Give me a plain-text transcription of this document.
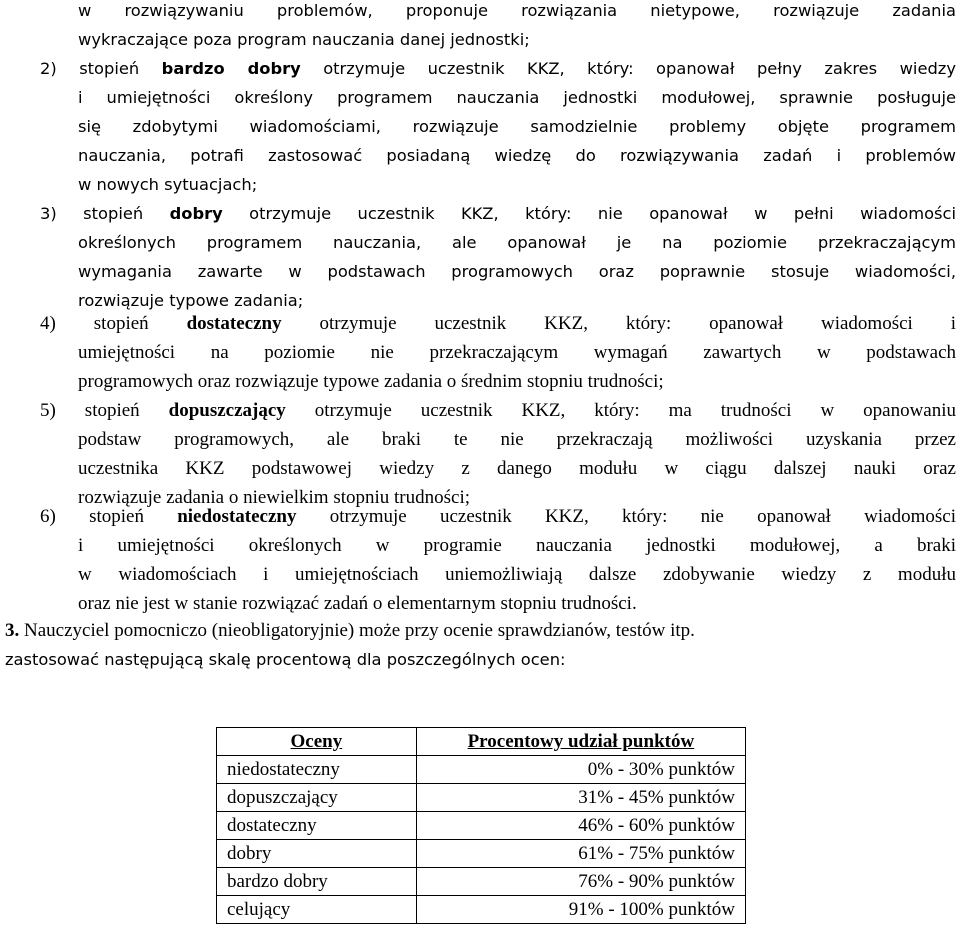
w rozwiązywaniu problemów, proponuje rozwiązania nietypowe, rozwiązuje zadania
wykraczające poza program nauczania danej jednostki;
2) stopień bardzo dobry otrzymuje uczestnik KKZ, który: opanował pełny zakres wiedzy
i umiejętności określony programem nauczania jednostki modułowej, sprawnie posługuje
się zdobytymi wiadomościami, rozwiązuje samodzielnie problemy objęte programem
nauczania, potrafi zastosować posiadaną wiedzę do rozwiązywania zadań i problemów
w nowych sytuacjach;
3) stopień dobry otrzymuje uczestnik KKZ, który: nie opanował w pełni wiadomości
określonych programem nauczania, ale opanował je na poziomie przekraczającym
wymagania zawarte w podstawach programowych oraz poprawnie stosuje wiadomości,
rozwiązuje typowe zadania;
4) stopień dostateczny otrzymuje uczestnik KKZ, który: opanował wiadomości i
umiejętności na poziomie nie przekraczającym wymagań zawartych w podstawach
programowych oraz rozwiązuje typowe zadania o średnim stopniu trudności;
5) stopień dopuszczający otrzymuje uczestnik KKZ, który: ma trudności w opanowaniu
podstaw programowych, ale braki te nie przekraczają możliwości uzyskania przez
uczestnika KKZ podstawowej wiedzy z danego modułu w ciągu dalszej nauki oraz
rozwiązuje zadania o niewielkim stopniu trudności;
6) stopień niedostateczny otrzymuje uczestnik KKZ, który: nie opanował wiadomości
i umiejętności określonych w programie nauczania jednostki modułowej, a braki
w wiadomościach i umiejętnościach uniemożliwiają dalsze zdobywanie wiedzy z modułu
oraz nie jest w stanie rozwiązać zadań o elementarnym stopniu trudności.
3. Nauczyciel pomocniczo (nieobligatoryjnie) może przy ocenie sprawdzianów, testów itp.
zastosować następującą skalę procentową dla poszczególnych ocen:
Oceny	Procentowy udział punktów
niedostateczny	0% - 30% punktów
dopuszczający	31% - 45% punktów
dostateczny	46% - 60% punktów
dobry	61% - 75% punktów
bardzo dobry	76% - 90% punktów
celujący	91% - 100% punktów
